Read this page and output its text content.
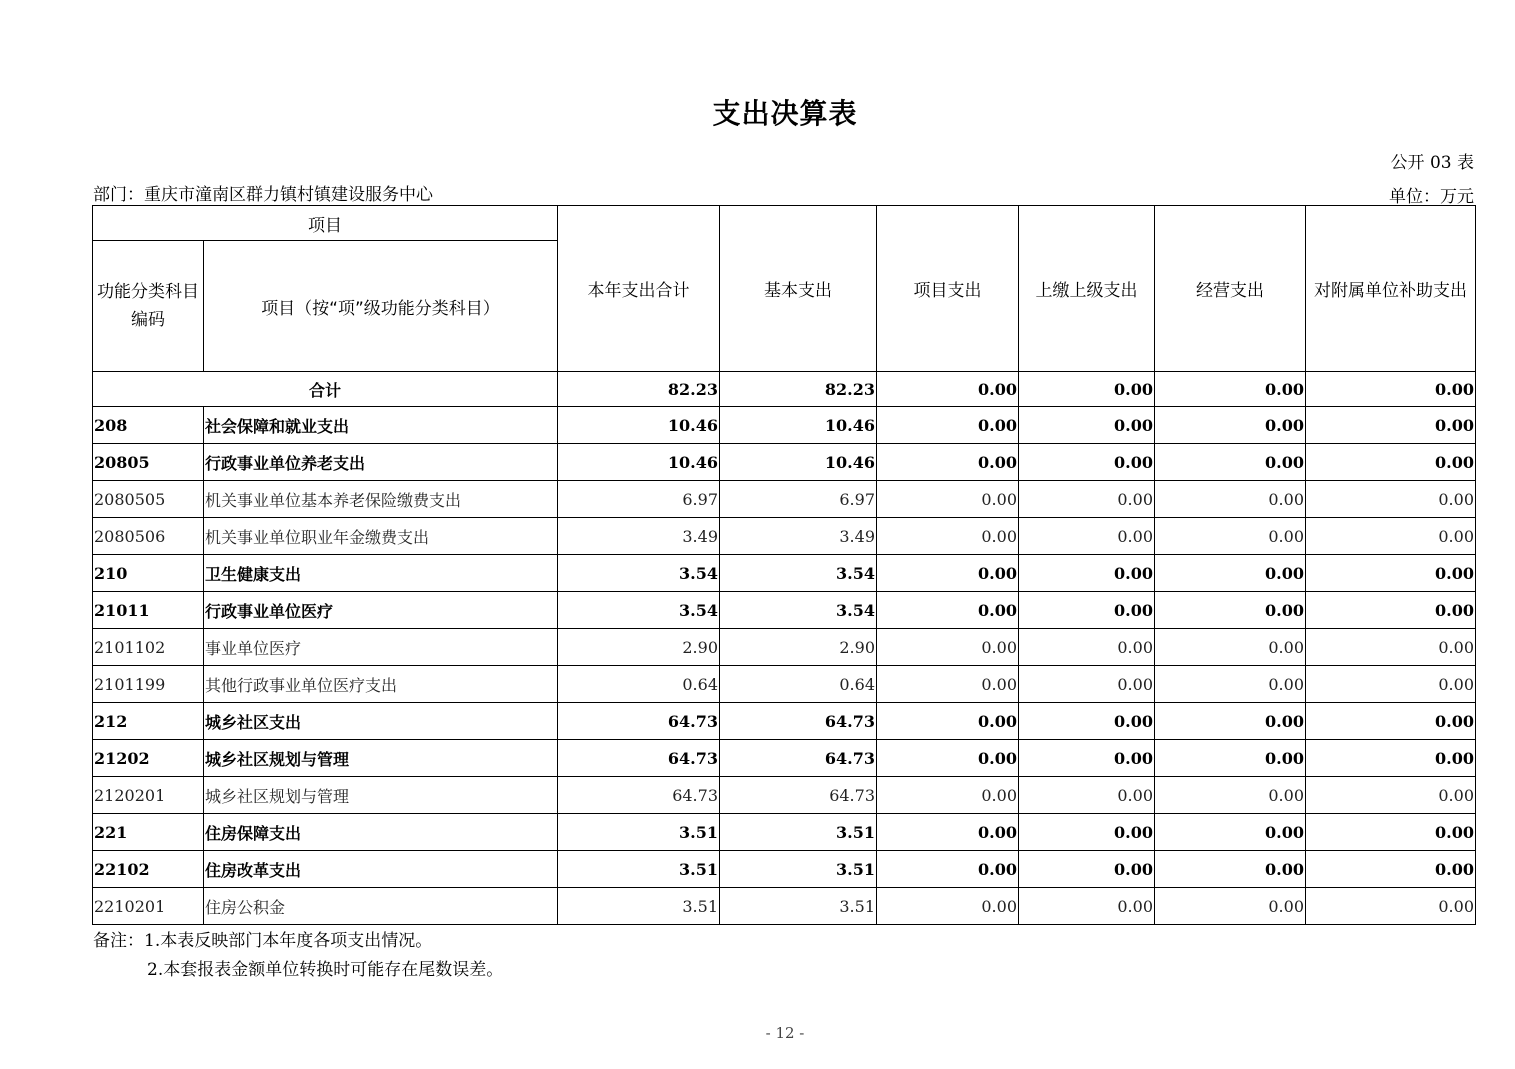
支出决算表
公开 03 表
部门：重庆市潼南区群力镇村镇建设服务中心	单位：万元
项目		本年支出合计	基本支出	项目支出	上缴上级支出	经营支出	对附属单位补助支出
功能分类科目编码	项目（按“项”级功能分类科目）						
合计		82.23	82.23	0.00	0.00	0.00	0.00
208	社会保障和就业支出	10.46	10.46	0.00	0.00	0.00	0.00
20805	行政事业单位养老支出	10.46	10.46	0.00	0.00	0.00	0.00
2080505	机关事业单位基本养老保险缴费支出	6.97	6.97	0.00	0.00	0.00	0.00
2080506	机关事业单位职业年金缴费支出	3.49	3.49	0.00	0.00	0.00	0.00
210	卫生健康支出	3.54	3.54	0.00	0.00	0.00	0.00
21011	行政事业单位医疗	3.54	3.54	0.00	0.00	0.00	0.00
2101102	事业单位医疗	2.90	2.90	0.00	0.00	0.00	0.00
2101199	其他行政事业单位医疗支出	0.64	0.64	0.00	0.00	0.00	0.00
212	城乡社区支出	64.73	64.73	0.00	0.00	0.00	0.00
21202	城乡社区规划与管理	64.73	64.73	0.00	0.00	0.00	0.00
2120201	城乡社区规划与管理	64.73	64.73	0.00	0.00	0.00	0.00
221	住房保障支出	3.51	3.51	0.00	0.00	0.00	0.00
22102	住房改革支出	3.51	3.51	0.00	0.00	0.00	0.00
2210201	住房公积金	3.51	3.51	0.00	0.00	0.00	0.00
备注：1.本表反映部门本年度各项支出情况。
2.本套报表金额单位转换时可能存在尾数误差。
- 12 -
